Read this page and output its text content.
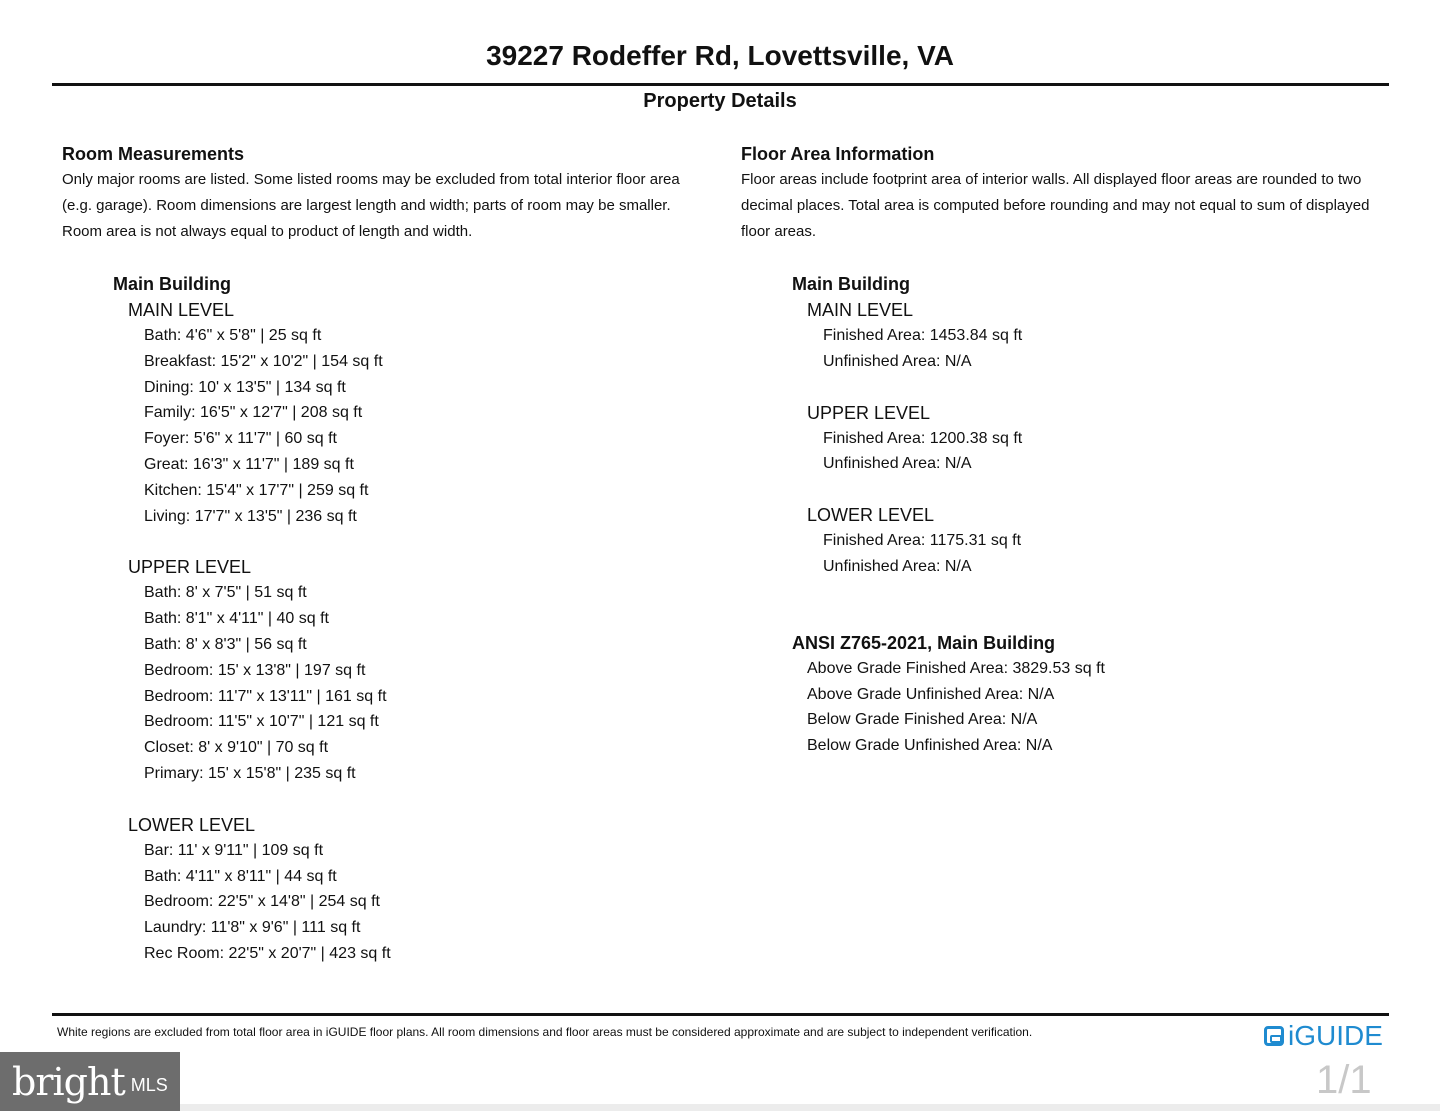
39227 Rodeffer Rd, Lovettsville, VA
Property Details
Room Measurements
Only major rooms are listed. Some listed rooms may be excluded from total interior floor area (e.g. garage). Room dimensions are largest length and width; parts of room may be smaller. Room area is not always equal to product of length and width.
Main Building
MAIN LEVEL
Bath: 4'6" x 5'8" | 25 sq ft
Breakfast: 15'2" x 10'2" | 154 sq ft
Dining: 10' x 13'5" | 134 sq ft
Family: 16'5" x 12'7" | 208 sq ft
Foyer: 5'6" x 11'7" | 60 sq ft
Great: 16'3" x 11'7" | 189 sq ft
Kitchen: 15'4" x 17'7" | 259 sq ft
Living: 17'7" x 13'5" | 236 sq ft
UPPER LEVEL
Bath: 8' x 7'5" | 51 sq ft
Bath: 8'1" x 4'11" | 40 sq ft
Bath: 8' x 8'3" | 56 sq ft
Bedroom: 15' x 13'8" | 197 sq ft
Bedroom: 11'7" x 13'11" | 161 sq ft
Bedroom: 11'5" x 10'7" | 121 sq ft
Closet: 8' x 9'10" | 70 sq ft
Primary: 15' x 15'8" | 235 sq ft
LOWER LEVEL
Bar: 11' x 9'11" | 109 sq ft
Bath: 4'11" x 8'11" | 44 sq ft
Bedroom: 22'5" x 14'8" | 254 sq ft
Laundry: 11'8" x 9'6" | 111 sq ft
Rec Room: 22'5" x 20'7" | 423 sq ft
Floor Area Information
Floor areas include footprint area of interior walls. All displayed floor areas are rounded to two decimal places. Total area is computed before rounding and may not equal to sum of displayed floor areas.
Main Building
MAIN LEVEL
Finished Area: 1453.84 sq ft
Unfinished Area: N/A
UPPER LEVEL
Finished Area: 1200.38 sq ft
Unfinished Area: N/A
LOWER LEVEL
Finished Area: 1175.31 sq ft
Unfinished Area: N/A
ANSI Z765-2021, Main Building
Above Grade Finished Area: 3829.53 sq ft
Above Grade Unfinished Area: N/A
Below Grade Finished Area: N/A
Below Grade Unfinished Area: N/A
White regions are excluded from total floor area in iGUIDE floor plans. All room dimensions and floor areas must be considered approximate and are subject to independent verification.	iGUIDE
1/1
bright MLS
